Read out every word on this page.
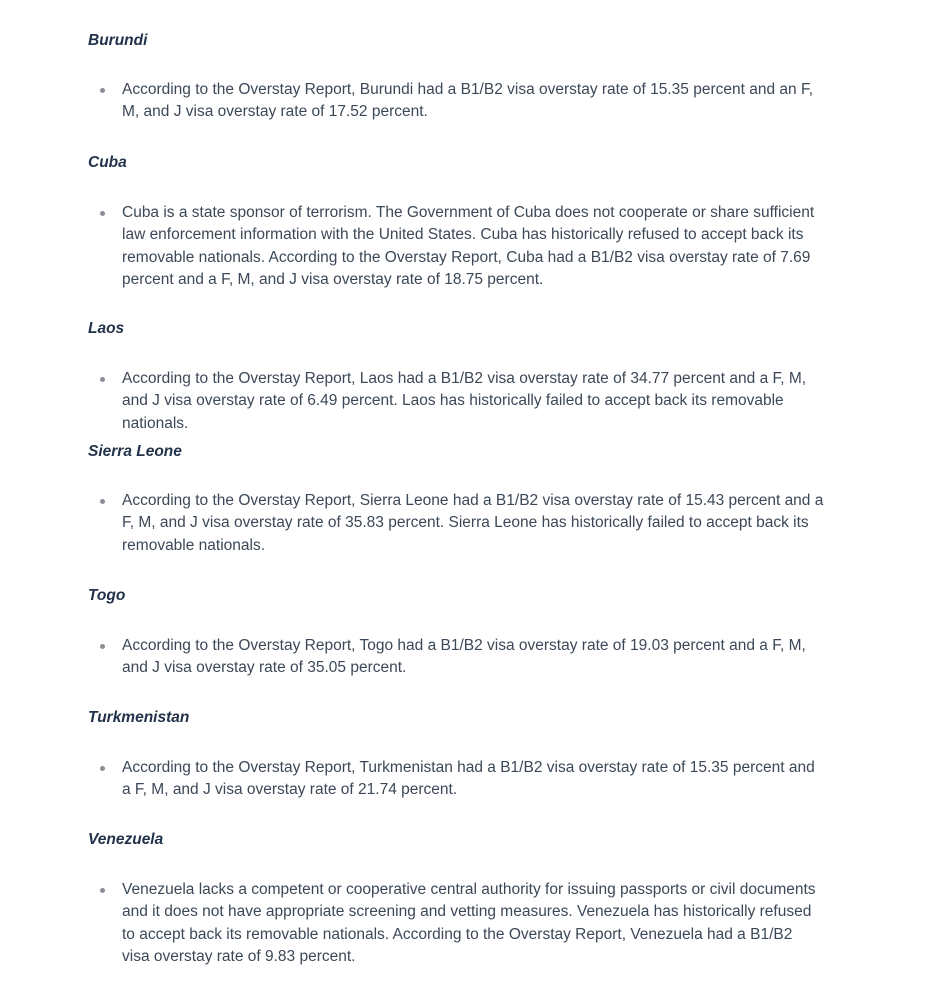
Burundi
According to the Overstay Report, Burundi had a B1/B2 visa overstay rate of 15.35 percent and an F, M, and J visa overstay rate of 17.52 percent.
Cuba
Cuba is a state sponsor of terrorism. The Government of Cuba does not cooperate or share sufficient law enforcement information with the United States. Cuba has historically refused to accept back its removable nationals. According to the Overstay Report, Cuba had a B1/B2 visa overstay rate of 7.69 percent and a F, M, and J visa overstay rate of 18.75 percent.
Laos
According to the Overstay Report, Laos had a B1/B2 visa overstay rate of 34.77 percent and a F, M, and J visa overstay rate of 6.49 percent. Laos has historically failed to accept back its removable nationals.
Sierra Leone
According to the Overstay Report, Sierra Leone had a B1/B2 visa overstay rate of 15.43 percent and a F, M, and J visa overstay rate of 35.83 percent. Sierra Leone has historically failed to accept back its removable nationals.
Togo
According to the Overstay Report, Togo had a B1/B2 visa overstay rate of 19.03 percent and a F, M, and J visa overstay rate of 35.05 percent.
Turkmenistan
According to the Overstay Report, Turkmenistan had a B1/B2 visa overstay rate of 15.35 percent and a F, M, and J visa overstay rate of 21.74 percent.
Venezuela
Venezuela lacks a competent or cooperative central authority for issuing passports or civil documents and it does not have appropriate screening and vetting measures. Venezuela has historically refused to accept back its removable nationals. According to the Overstay Report, Venezuela had a B1/B2 visa overstay rate of 9.83 percent.
